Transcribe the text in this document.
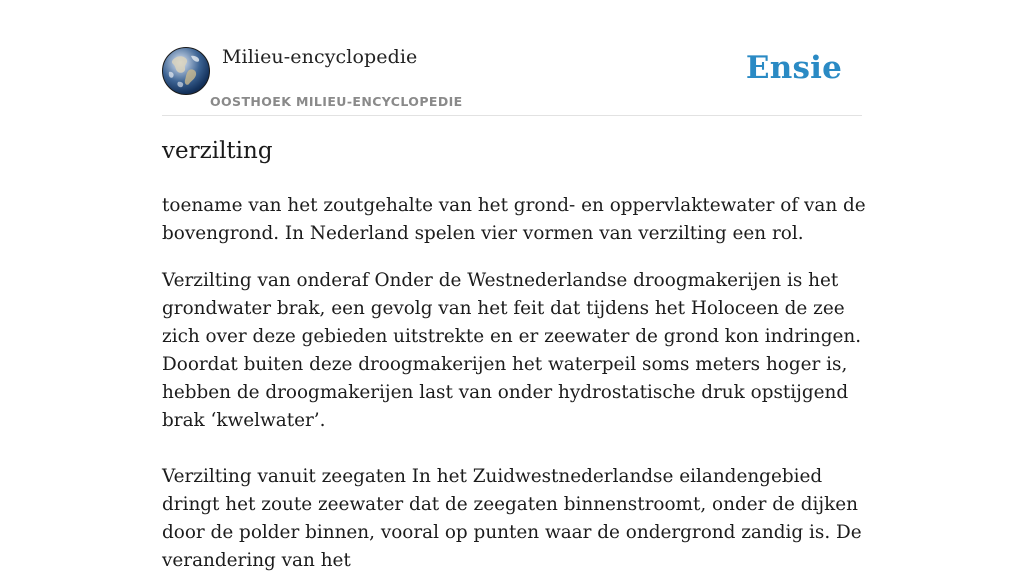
Milieu-encyclopedie
OOSTHOEK MILIEU-ENCYCLOPEDIE
Ensie
verzilting

toename van het zoutgehalte van het grond- en oppervlaktewater of van de bovengrond. In Nederland spelen vier vormen van verzilting een rol.

Verzilting van onderaf Onder de Westnederlandse droogmakerijen is het grondwater brak, een gevolg van het feit dat tijdens het Holoceen de zee zich over deze gebieden uitstrekte en er zeewater de grond kon indringen. Doordat buiten deze droogmakerijen het waterpeil soms meters hoger is, hebben de droogmakerijen last van onder hydrostatische druk opstijgend brak ‘kwelwater’.

Verzilting vanuit zeegaten In het Zuidwestnederlandse eilandengebied dringt het zoute zeewater dat de zeegaten binnenstroomt, onder de dijken door de polder binnen, vooral op punten waar de ondergrond zandig is. De verandering van het
